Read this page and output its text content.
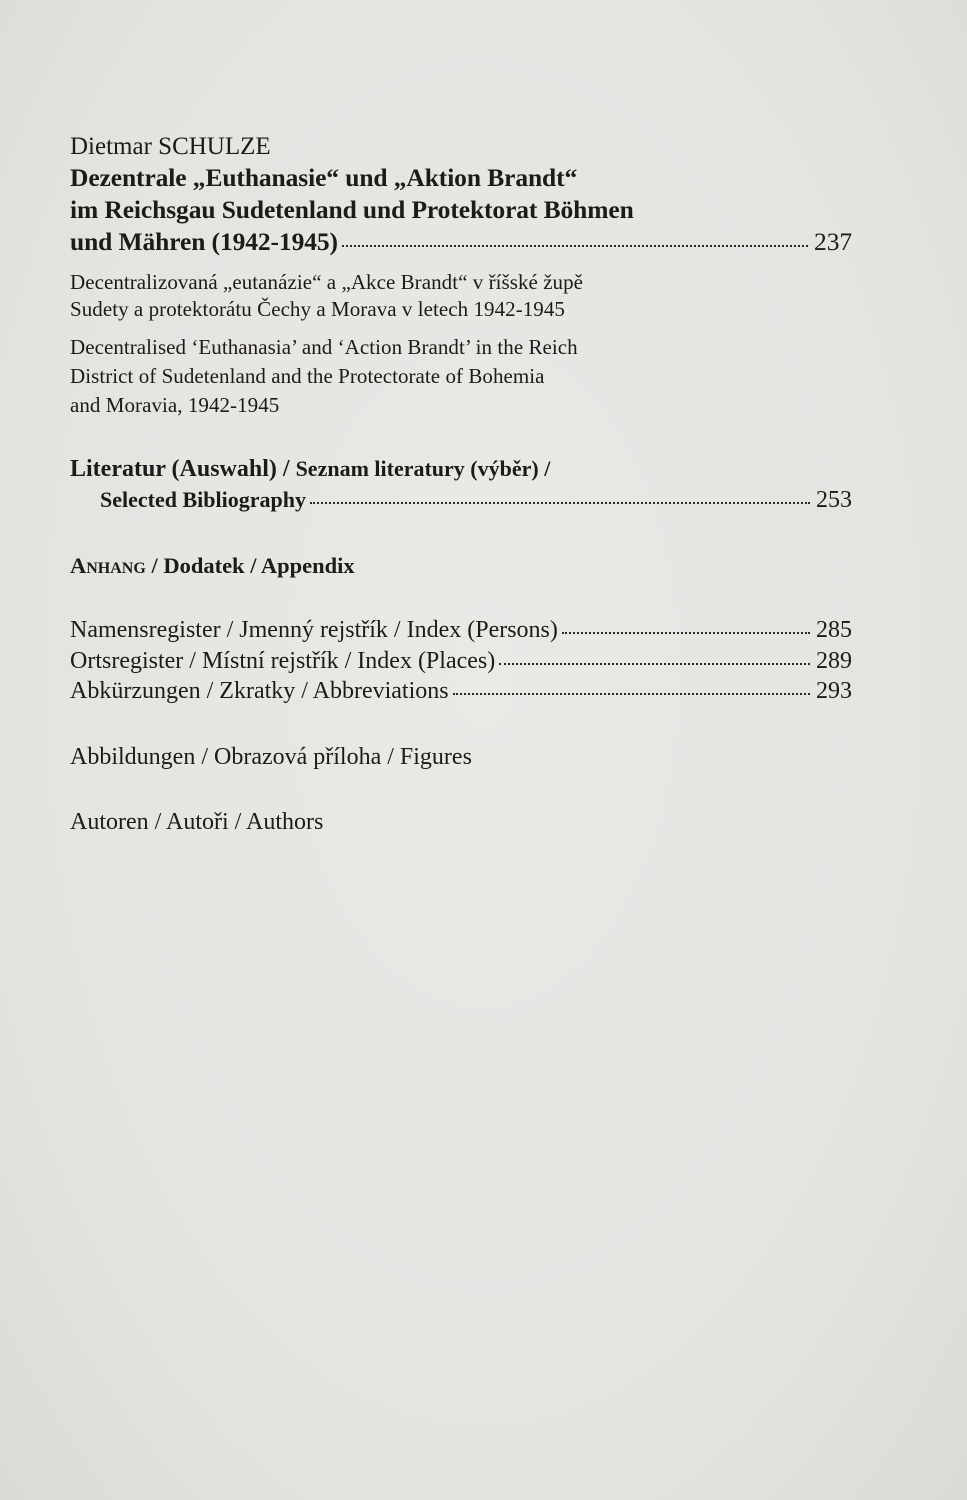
Dietmar SCHULZE
Dezentrale „Euthanasie“ und „Aktion Brandt“
im Reichsgau Sudetenland und Protektorat Böhmen
und Mähren (1942-1945)	237
Decentralizovaná „eutanázie“ a „Akce Brandt“ v říšské župě
Sudety a protektorátu Čechy a Morava v letech 1942-1945
Decentralised ‘Euthanasia’ and ‘Action Brandt’ in the Reich
District of Sudetenland and the Protectorate of Bohemia
and Moravia, 1942-1945
Literatur (Auswahl) / Seznam literatury (výběr) /
Selected Bibliography	253
Anhang / Dodatek / Appendix
Namensregister / Jmenný rejstřík / Index (Persons)	285
Ortsregister / Místní rejstřík / Index (Places)	289
Abkürzungen / Zkratky / Abbreviations	293
Abbildungen / Obrazová příloha / Figures
Autoren / Autoři / Authors
